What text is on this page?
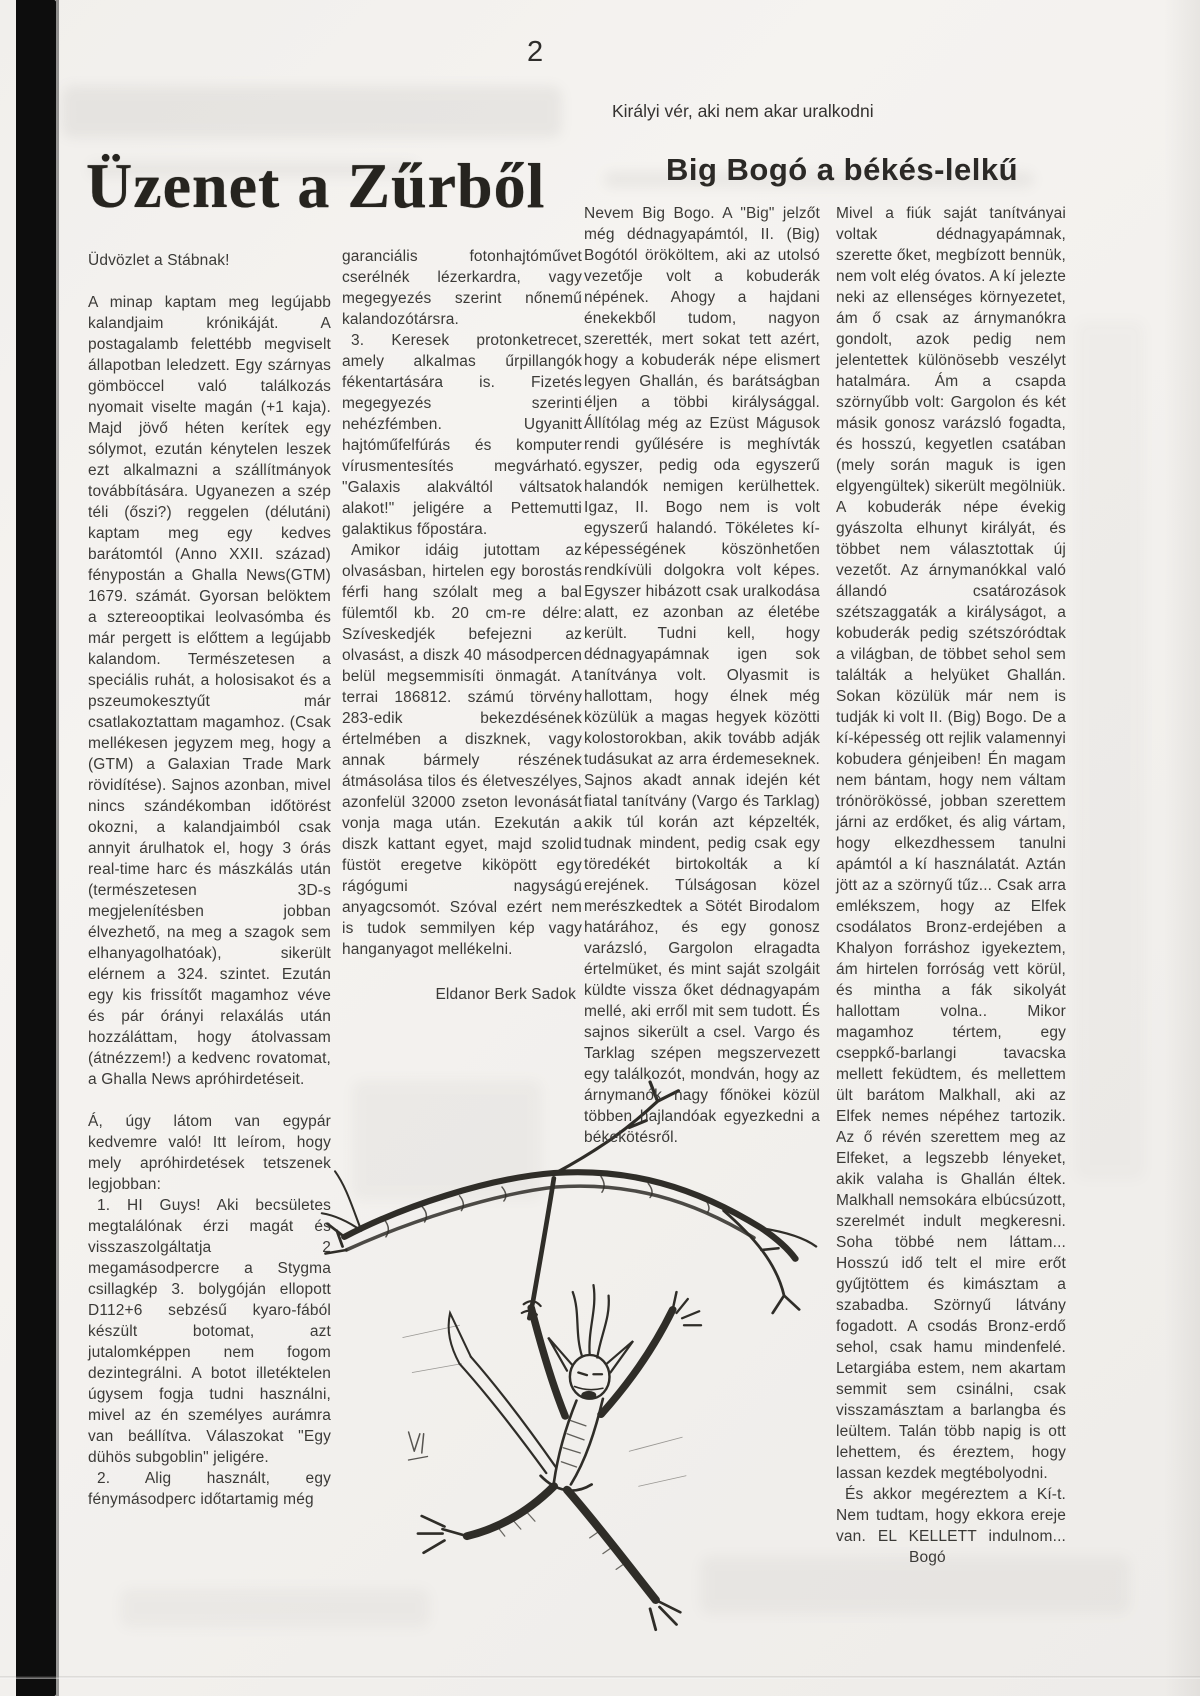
2
Üzenet a Zűrből

Üdvözlet a Stábnak!

A minap kaptam meg legújabb kalandjaim krónikáját. A postagalamb felettébb megviselt állapotban leledzett. Egy szárnyas gömböccel való találkozás nyomait viselte magán (+1 kaja). Majd jövő héten kerítek egy sólymot, ezután kénytelen leszek ezt alkalmazni a szállítmányok továbbítására. Ugyanezen a szép téli (őszi?) reggelen (délutáni) kaptam meg egy kedves barátomtól (Anno XXII. század) fénypostán a Ghalla News(GTM) 1679. számát. Gyorsan belöktem a sztereooptikai leolvasómba és már pergett is előttem a legújabb kalandom. Természetesen a speciális ruhát, a holosisakot és a pszeumokesztyűt már csatlakoztattam magamhoz. (Csak mellékesen jegyzem meg, hogy a (GTM) a Galaxian Trade Mark rövidítése). Sajnos azonban, mivel nincs szándékomban időtörést okozni, a kalandjaimból csak annyit árulhatok el, hogy 3 órás real-time harc és mászkálás után (természetesen 3D-s megjelenítésben jobban élvezhető, na meg a szagok sem elhanyagolhatóak), sikerült elérnem a 324. szintet. Ezután egy kis frissítőt magamhoz véve és pár órányi relaxálás után hozzáláttam, hogy átolvassam (átnézzem!) a kedvenc rovatomat, a Ghalla News apróhirdetéseit.

Á, úgy látom van egypár kedvemre való! Itt leírom, hogy mely apróhirdetések tetszenek legjobban:

1. HI Guys! Aki becsületes megtalálónak érzi magát és visszaszolgáltatja 2 megamásodpercre a Stygma csillagkép 3. bolygóján ellopott D112+6 sebzésű kyaro-fából készült botomat, azt jutalomképpen nem fogom dezintegrálni. A botot illetéktelen úgysem fogja tudni használni, mivel az én személyes aurámra van beállítva. Válaszokat "Egy dühös subgoblin" jeligére.

2. Alig használt, egy fénymásodperc időtartamig még

garanciális fotonhajtóművet cserélnék lézerkardra, vagy megegyezés szerint nőnemű kalandozótársra.

3. Keresek protonketrecet, amely alkalmas űrpillangók fékentartására is. Fizetés megegyezés szerinti nehézfémben. Ugyanitt hajtóműfelfúrás és komputer vírusmentesítés megvárható. "Galaxis alakváltól váltsatok alakot!" jeligére a Pettemutti galaktikus főpostára.

Amikor idáig jutottam az olvasásban, hirtelen egy borostás férfi hang szólalt meg a bal fülemtől kb. 20 cm-re délre: Szíveskedjék befejezni az olvasást, a diszk 40 másodpercen belül megsemmisíti önmagát. A terrai 186812. számú törvény 283-edik bekezdésének értelmében a diszknek, vagy annak bármely részének átmásolása tilos és életveszélyes, azonfelül 32000 zseton levonását vonja maga után. Ezekután a diszk kattant egyet, majd szolid füstöt eregetve kiköpött egy rágógumi nagyságú anyagcsomót. Szóval ezért nem is tudok semmilyen kép vagy hanganyagot mellékelni.

Eldanor Berk Sadok

Királyi vér, aki nem akar uralkodni
Big Bogó a békés-lelkű

Nevem Big Bogo. A "Big" jelzőt még dédnagyapámtól, II. (Big) Bogótól örököltem, aki az utolsó vezetője volt a kobuderák népének. Ahogy a hajdani énekekből tudom, nagyon szerették, mert sokat tett azért, hogy a kobuderák népe elismert legyen Ghallán, és barátságban éljen a többi királysággal. Állítólag még az Ezüst Mágusok rendi gyűlésére is meghívták egyszer, pedig oda egyszerű halandók nemigen kerülhettek. Igaz, II. Bogo nem is volt egyszerű halandó. Tökéletes kí-képességének köszönhetően rendkívüli dolgokra volt képes. Egyszer hibázott csak uralkodása alatt, ez azonban az életébe került. Tudni kell, hogy dédnagyapámnak igen sok tanítványa volt. Olyasmit is hallottam, hogy élnek még közülük a magas hegyek közötti kolostorokban, akik tovább adják tudásukat az arra érdemeseknek. Sajnos akadt annak idején két fiatal tanítvány (Vargo és Tarklag) akik túl korán azt képzelték, tudnak mindent, pedig csak egy töredékét birtokolták a kí erejének. Túlságosan közel merészkedtek a Sötét Birodalom határához, és egy gonosz varázsló, Gargolon elragadta értelmüket, és mint saját szolgáit küldte vissza őket dédnagyapám mellé, aki erről mit sem tudott. És sajnos sikerült a csel. Vargo és Tarklag szépen megszervezett egy találkozót, mondván, hogy az árnymanók nagy főnökei közül többen hajlandóak egyezkedni a békekötésről.

Mivel a fiúk saját tanítványai voltak dédnagyapámnak, szerette őket, megbízott bennük, nem volt elég óvatos. A kí jelezte neki az ellenséges környezetet, ám ő csak az árnymanókra gondolt, azok pedig nem jelentettek különösebb veszélyt hatalmára. Ám a csapda szörnyűbb volt: Gargolon és két másik gonosz varázsló fogadta, és hosszú, kegyetlen csatában (mely során maguk is igen elgyengültek) sikerült megölniük. A kobuderák népe évekig gyászolta elhunyt királyát, és többet nem választottak új vezetőt. Az árnymanókkal való állandó csatározások szétszaggaták a királyságot, a kobuderák pedig szétszóródtak a világban, de többet sehol sem találták a helyüket Ghallán. Sokan közülük már nem is tudják ki volt II. (Big) Bogo. De a kí-képesség ott rejlik valamennyi kobudera génjeiben! Én magam nem bántam, hogy nem váltam trónörökössé, jobban szerettem járni az erdőket, és alig vártam, hogy elkezdhessem tanulni apámtól a kí használatát. Aztán jött az a szörnyű tűz... Csak arra emlékszem, hogy az Elfek csodálatos Bronz-erdejében a Khalyon forráshoz igyekeztem, ám hirtelen forróság vett körül, és mintha a fák sikolyát hallottam volna.. Mikor magamhoz tértem, egy cseppkő-barlangi tavacska mellett feküdtem, és mellettem ült barátom Malkhall, aki az Elfek nemes népéhez tartozik. Az ő révén szerettem meg az Elfeket, a legszebb lényeket, akik valaha is Ghallán éltek. Malkhall nemsokára elbúcsúzott, szerelmét indult megkeresni. Soha többé nem láttam... Hosszú idő telt el mire erőt gyűjtöttem és kimásztam a szabadba. Szörnyű látvány fogadott. A csodás Bronz-erdő sehol, csak hamu mindenfelé. Letargiába estem, nem akartam semmit sem csinálni, csak visszamásztam a barlangba és leültem. Talán több napig is ott lehettem, és éreztem, hogy lassan kezdek megtébolyodni.

És akkor megéreztem a Kí-t. Nem tudtam, hogy ekkora ereje van. EL KELLETT indulnom...Bogó
